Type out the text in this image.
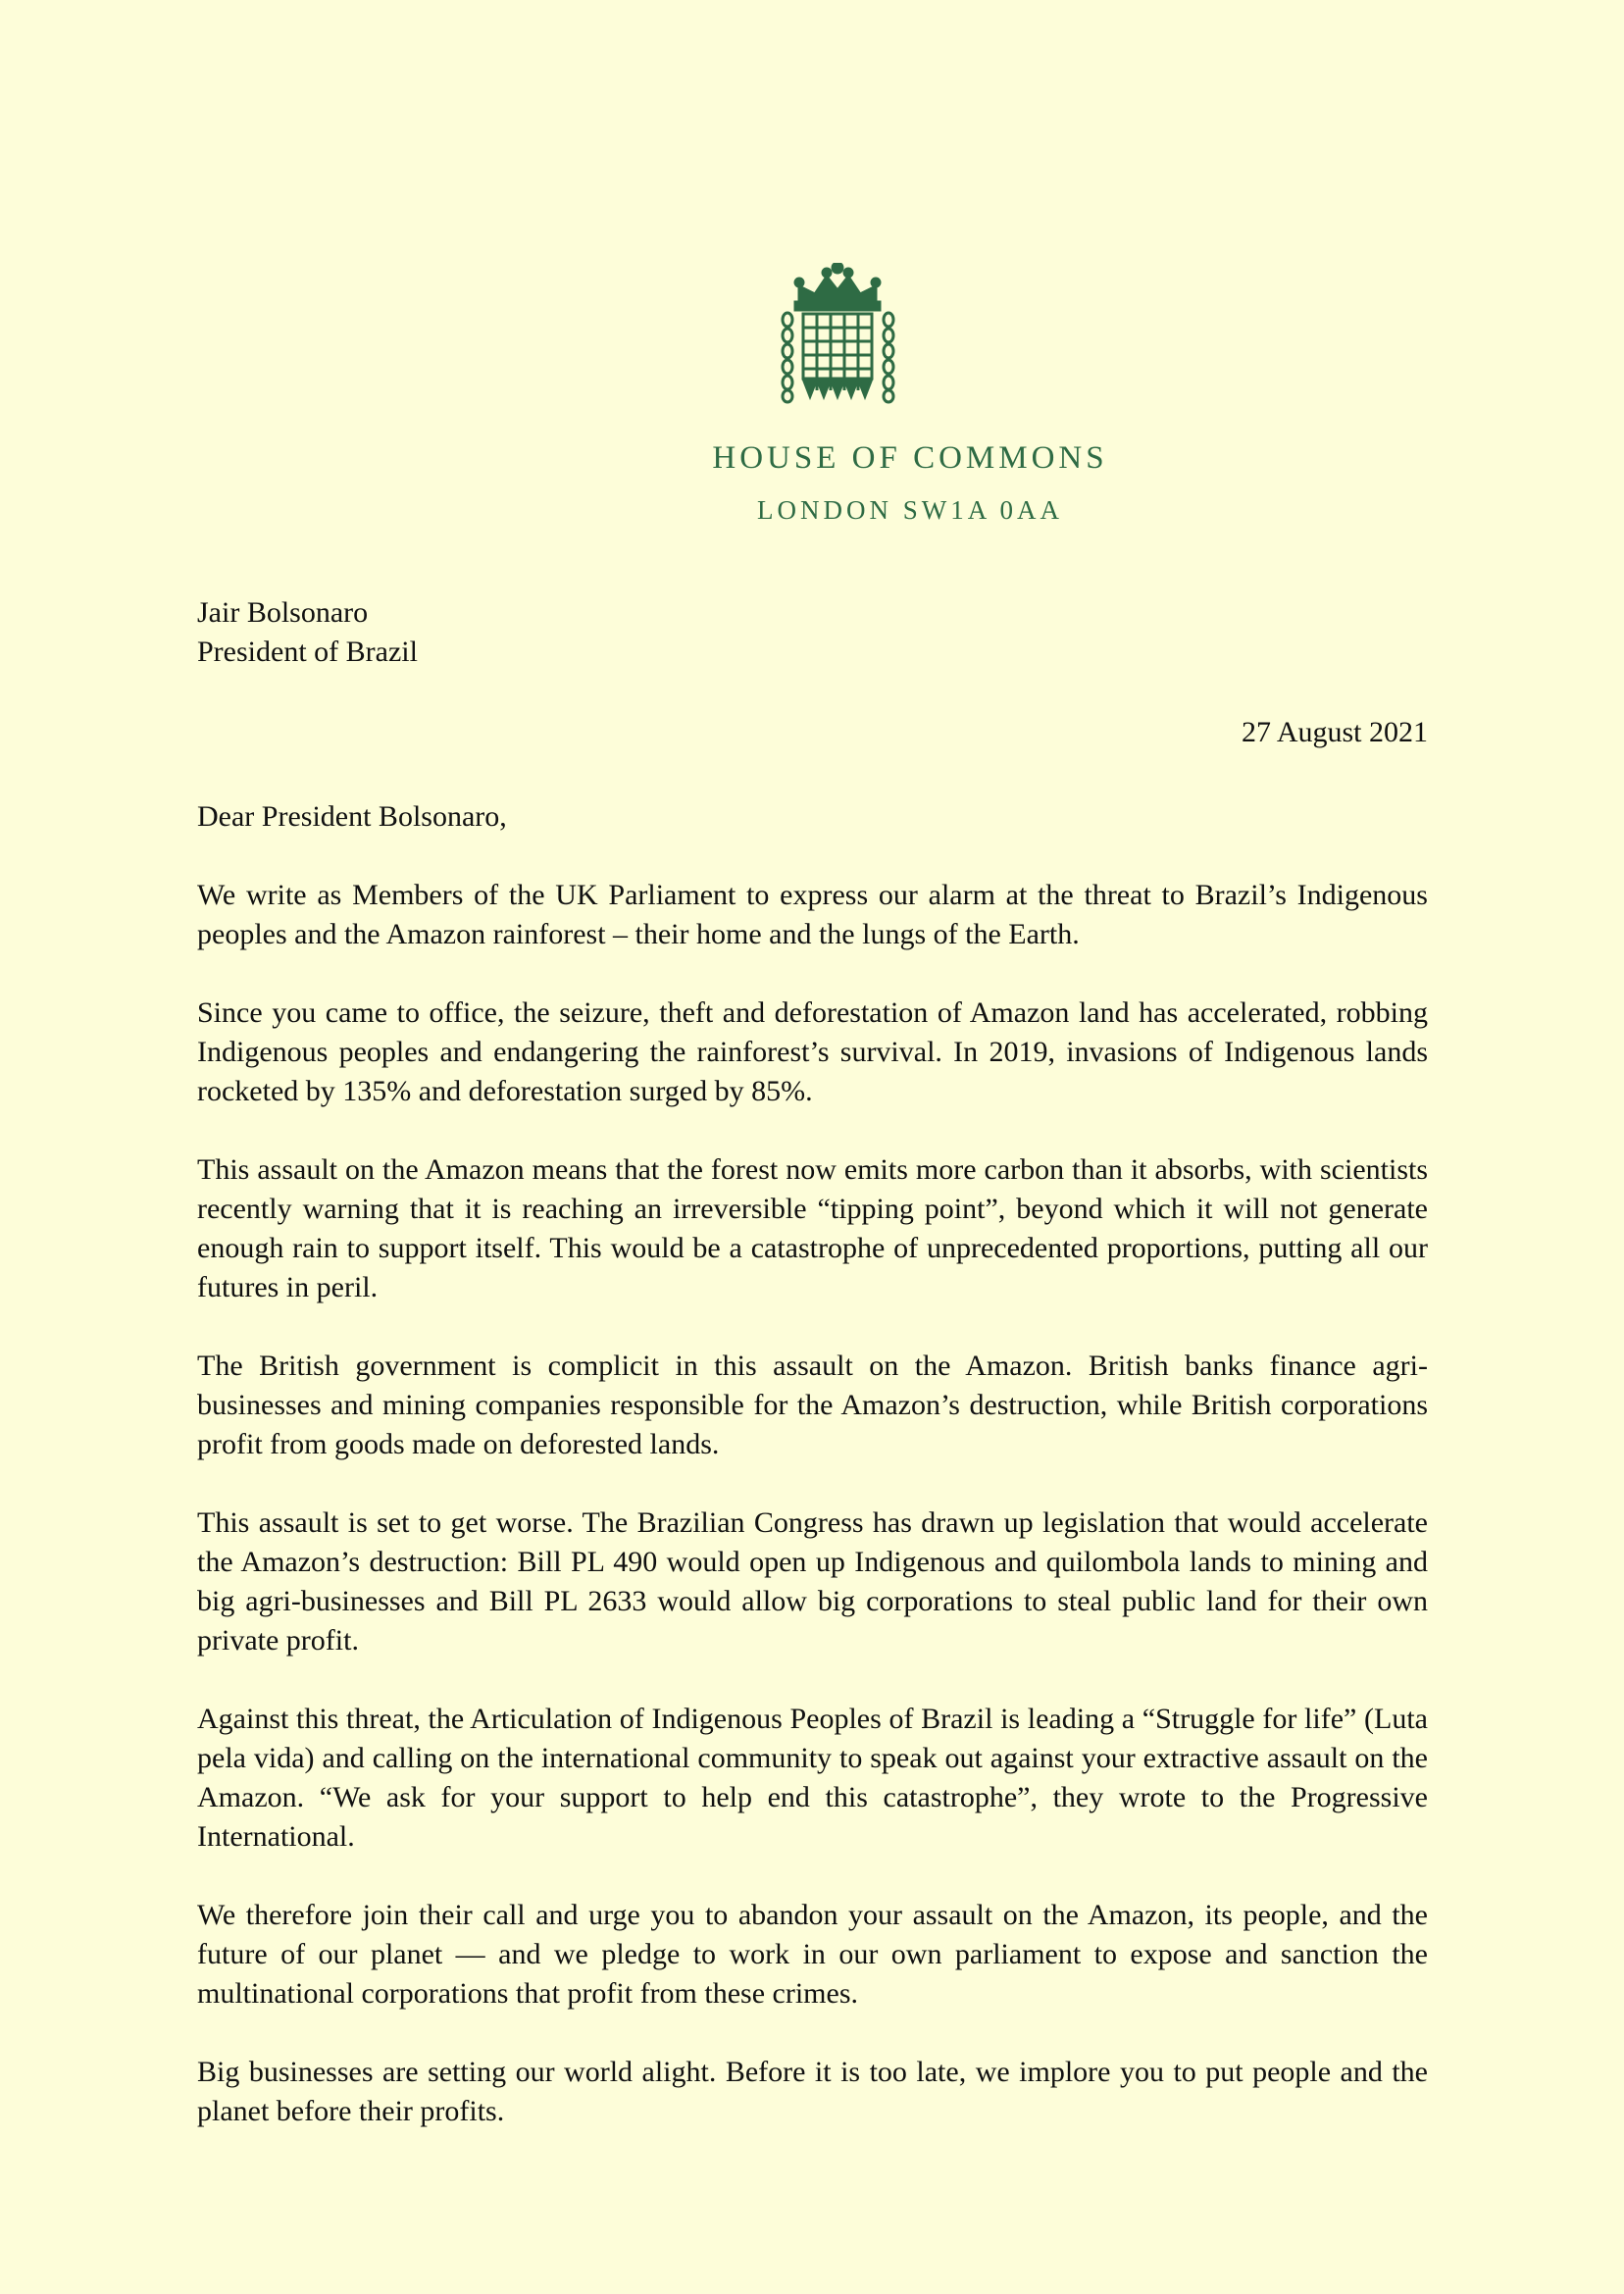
HOUSE OF COMMONS
LONDON SW1A 0AA

Jair Bolsonaro

President of Brazil

27 August 2021

Dear President Bolsonaro,

We write as Members of the UK Parliament to express our alarm at the threat to Brazil’s Indigenous peoples and the Amazon rainforest – their home and the lungs of the Earth.

Since you came to office, the seizure, theft and deforestation of Amazon land has accelerated, robbing Indigenous peoples and endangering the rainforest’s survival. In 2019, invasions of Indigenous lands rocketed by 135% and deforestation surged by 85%.

This assault on the Amazon means that the forest now emits more carbon than it absorbs, with scientists recently warning that it is reaching an irreversible “tipping point”, beyond which it will not generate enough rain to support itself. This would be a catastrophe of unprecedented proportions, putting all our futures in peril.

The British government is complicit in this assault on the Amazon. British banks finance agri-businesses and mining companies responsible for the Amazon’s destruction, while British corporations profit from goods made on deforested lands.

This assault is set to get worse. The Brazilian Congress has drawn up legislation that would accelerate the Amazon’s destruction: Bill PL 490 would open up Indigenous and quilombola lands to mining and big agri-businesses and Bill PL 2633 would allow big corporations to steal public land for their own private profit.

Against this threat, the Articulation of Indigenous Peoples of Brazil is leading a “Struggle for life” (Luta pela vida) and calling on the international community to speak out against your extractive assault on the Amazon. “We ask for your support to help end this catastrophe”, they wrote to the Progressive International.

We therefore join their call and urge you to abandon your assault on the Amazon, its people, and the future of our planet — and we pledge to work in our own parliament to expose and sanction the multinational corporations that profit from these crimes.

Big businesses are setting our world alight. Before it is too late, we implore you to put people and the planet before their profits.
